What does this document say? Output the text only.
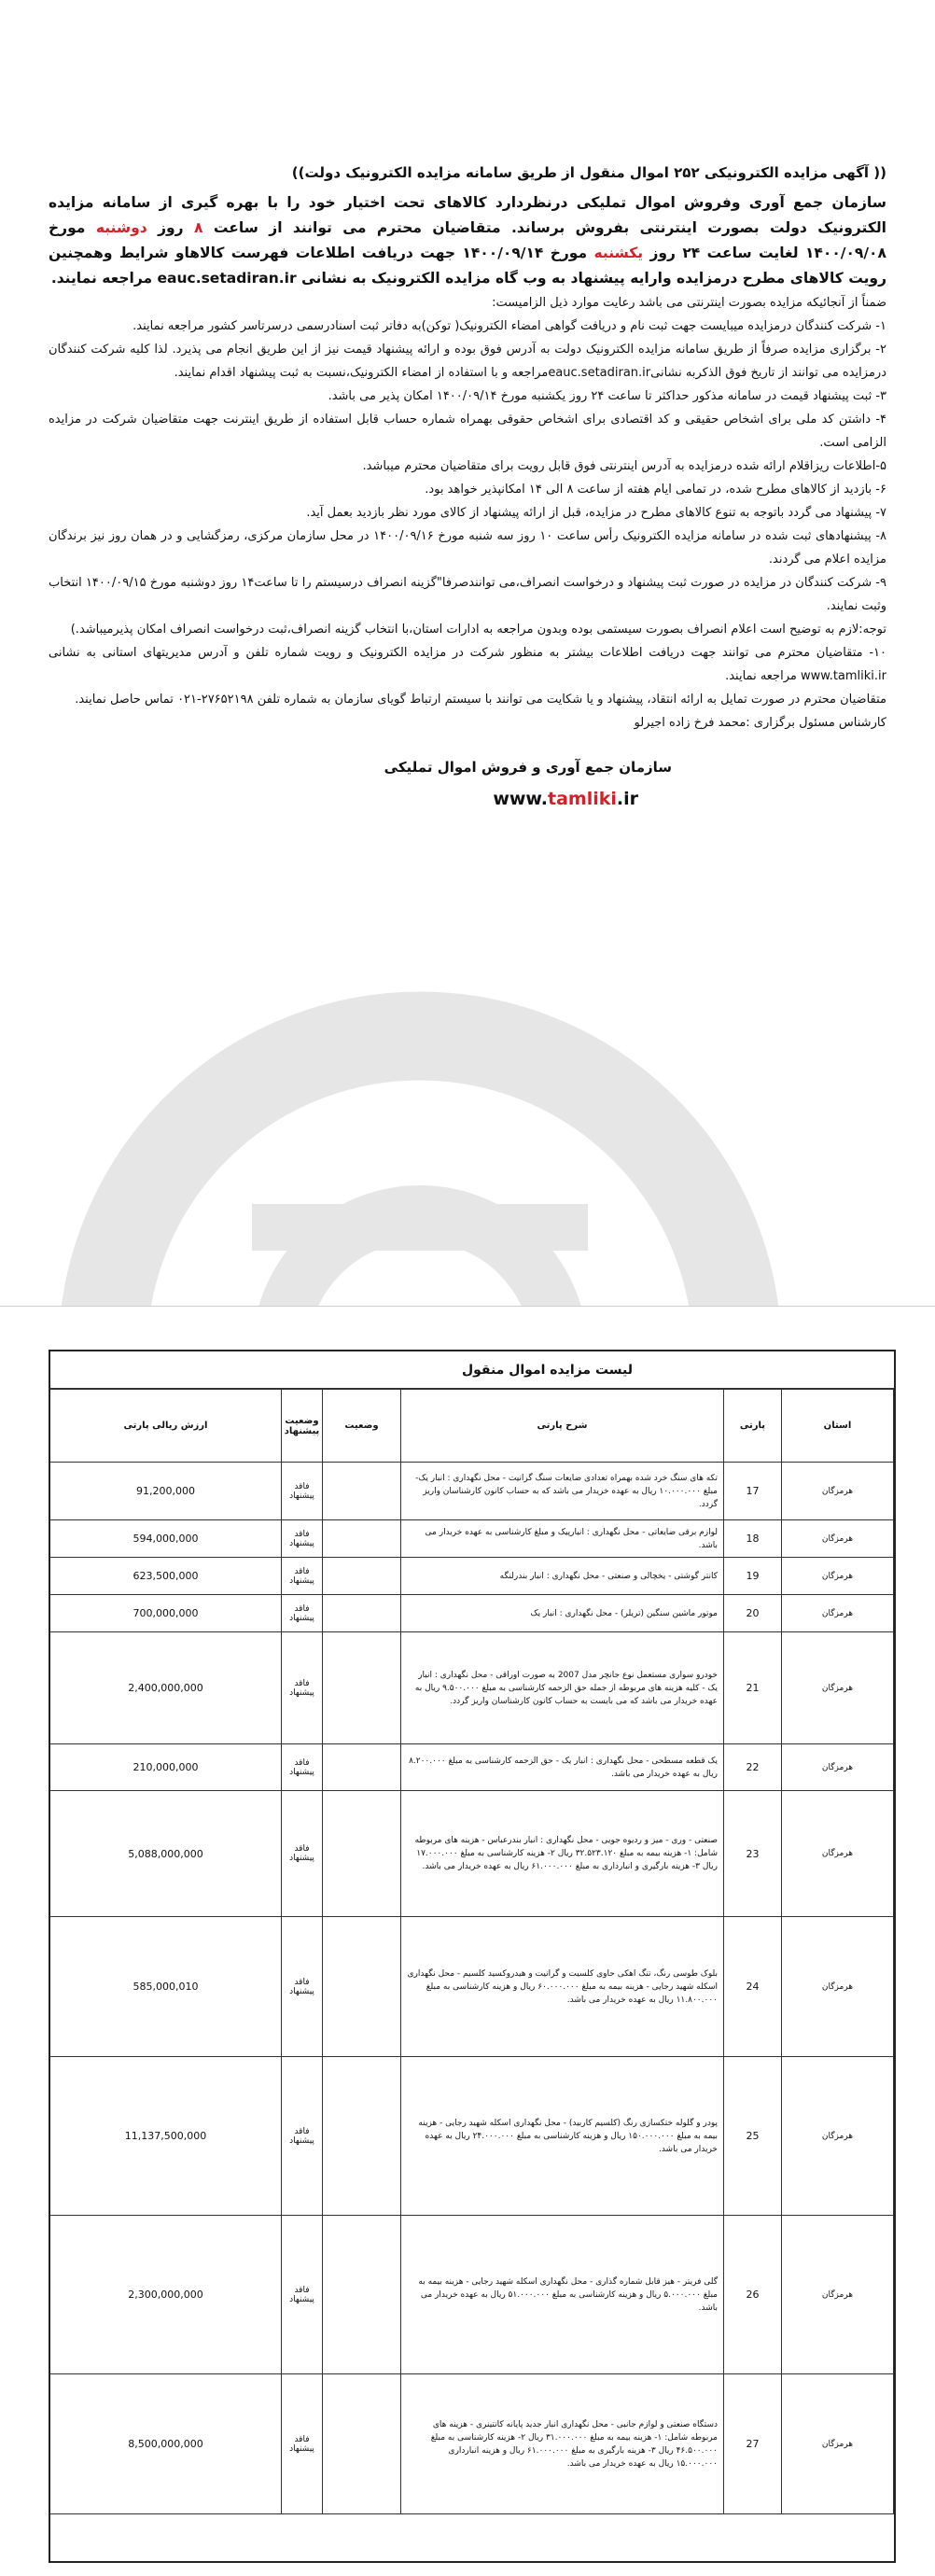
(( آگهی مزایده الکترونیکی ۲۵۲ اموال منقول از طریق سامانه مزایده الکترونیک دولت))
سازمان جمع آوری وفروش اموال تملیکی درنظردارد کالاهای تحت اختیار خود را با بهره گیری از سامانه مزایده الکترونیک دولت بصورت اینترنتی بفروش برساند. متقاضیان محترم می توانند از ساعت ۸ روز دوشنبه مورخ ۱۴۰۰/۰۹/۰۸ لغایت ساعت ۲۴ روز یکشنبه مورخ ۱۴۰۰/۰۹/۱۴ جهت دریافت اطلاعات فهرست کالاهاو شرایط وهمچنین رویت کالاهای مطرح درمزایده وارایه پیشنهاد به وب گاه مزایده الکترونیک به نشانی eauc.setadiran.ir مراجعه نمایند.
ضمناً از آنجائیکه مزایده بصورت اینترنتی می باشد رعایت موارد ذیل الزامیست:
۱- شرکت کنندگان درمزایده میبایست جهت ثبت نام و دریافت گواهی امضاء الکترونیک( توکن)به دفاتر ثبت اسنادرسمی درسرتاسر کشور مراجعه نمایند.
۲- برگزاری مزایده صرفاً از طریق سامانه مزایده الکترونیک دولت به آدرس فوق بوده و ارائه پیشنهاد قیمت نیز از این طریق انجام می پذیرد. لذا کلیه شرکت کنندگان درمزایده می توانند از تاریخ فوق الذکربه نشانیeauc.setadiran.irمراجعه و با استفاده از امضاء الکترونیک،نسبت به ثبت پیشنهاد اقدام نمایند.
۳- ثبت پیشنهاد قیمت در سامانه مذکور حداکثر تا ساعت ۲۴ روز یکشنبه مورخ ۱۴۰۰/۰۹/۱۴ امکان پذیر می باشد.
۴- داشتن کد ملی برای اشخاص حقیقی و کد اقتصادی برای اشخاص حقوقی بهمراه شماره حساب قابل استفاده از طریق اینترنت جهت متقاضیان شرکت در مزایده الزامی است.
۵-اطلاعات ریزاقلام ارائه شده درمزایده به آدرس اینترنتی فوق قابل رویت برای متقاضیان محترم میباشد.
۶- بازدید از کالاهای مطرح شده، در تمامی ایام هفته از ساعت ۸ الی ۱۴ امکانپذیر خواهد بود.
۷- پیشنهاد می گردد باتوجه به تنوع کالاهای مطرح در مزایده، قبل از ارائه پیشنهاد از کالای مورد نظر بازدید بعمل آید.
۸- پیشنهادهای ثبت شده در سامانه مزایده الکترونیک رأس ساعت ۱۰ روز سه شنبه مورخ ۱۴۰۰/۰۹/۱۶ در محل سازمان مرکزی، رمزگشایی و در همان روز نیز برندگان مزایده اعلام می گردند.
۹- شرکت کنندگان در مزایده در صورت ثبت پیشنهاد و درخواست انصراف،می توانندصرفا"گزینه انصراف درسیستم را تا ساعت۱۴ روز دوشنبه مورخ ۱۴۰۰/۰۹/۱۵ انتخاب وثبت نمایند.
توجه:لازم به توضیح است اعلام انصراف بصورت سیستمی بوده وبدون مراجعه به ادارات استان،با انتخاب گزینه انصراف،ثبت درخواست انصراف امکان پذیرمیباشد.)
۱۰- متقاضیان محترم می توانند جهت دریافت اطلاعات بیشتر به منظور شرکت در مزایده الکترونیک و رویت شماره تلفن و آدرس مدیریتهای استانی به نشانی www.tamliki.ir مراجعه نمایند.
متقاضیان محترم در صورت تمایل به ارائه انتقاد، پیشنهاد و یا شکایت می توانند با سیستم ارتباط گویای سازمان به شماره تلفن ۲۷۶۵۲۱۹۸-۰۲۱ تماس حاصل نمایند.
کارشناس مسئول برگزاری :محمد فرخ زاده اجیرلو
سازمان جمع آوری و فروش اموال تملیکی
www.tamliki.ir
لیست مزایده اموال منقول
استان	پارتی	شرح پارتی	وضعیت	وضعیت پیشنهاد	ارزش ریالی پارتی
هرمزگان	17	تکه های سنگ خرد شده بهمراه تعدادی ضایعات سنگ گرانیت - محل نگهداری : انبار یک- مبلغ ۱۰.۰۰۰.۰۰۰ ریال به عهده خریدار می باشد که به حساب کانون کارشناسان واریز گردد.		فاقد پیشنهاد	91,200,000
هرمزگان	18	لوازم برقی ضایعاتی - محل نگهداری : انبارپیک و مبلغ کارشناسی به عهده خریدار می باشد.		فاقد پیشنهاد	594,000,000
هرمزگان	19	کانتر گوشتی - یخچالی و صنعتی - محل نگهداری : انبار بندرلنگه		فاقد پیشنهاد	623,500,000
هرمزگان	20	موتور ماشین سنگین (تریلر) - محل نگهداری : انبار یک		فاقد پیشنهاد	700,000,000
هرمزگان	21	خودرو سواری مستعمل نوع جانچر مدل 2007 به صورت اوراقی - محل نگهداری : انبار یک - کلیه هزینه های مربوطه از جمله حق الزحمه کارشناسی به مبلغ ۹.۵۰۰.۰۰۰ ریال به عهده خریدار می باشد که می بایست به حساب کانون کارشناسان واریز گردد.		فاقد پیشنهاد	2,400,000,000
هرمزگان	22	یک قطعه مسطحی - محل نگهداری : انبار یک - حق الزحمه کارشناسی به مبلغ ۸.۲۰۰.۰۰۰ ریال به عهده خریدار می باشد.		فاقد پیشنهاد	210,000,000
هرمزگان	23	صنعتی - وری - میز و ردیوه جویی - محل نگهداری : انبار بندرعباس - هزینه های مربوطه شامل: ۱- هزینه بیمه به مبلغ ۳۲.۵۲۳.۱۲۰ ریال ۲- هزینه کارشناسی به مبلغ ۱۷.۰۰۰.۰۰۰ ریال ۳- هزینه بارگیری و انبارداری به مبلغ ۶۱.۰۰۰.۰۰۰ ریال به عهده خریدار می باشد.		فاقد پیشنهاد	5,088,000,000
هرمزگان	24	بلوک طوسی رنگ، تنگ اهکی حاوی کلسیت و گرانیت و هیدروکسید کلسیم - محل نگهداری اسکله شهید رجایی - هزینه بیمه به مبلغ ۶۰.۰۰۰.۰۰۰ ریال و هزینه کارشناسی به مبلغ ۱۱.۸۰۰.۰۰۰ ریال به عهده خریدار می باشد.		فاقد پیشنهاد	585,000,010
هرمزگان	25	پودر و گلوله ختکسازی رنگ (کلسیم کاربید) - محل نگهداری اسکله شهید رجایی - هزینه بیمه به مبلغ ۱۵۰.۰۰۰.۰۰۰ ریال و هزینه کارشناسی به مبلغ ۲۴.۰۰۰.۰۰۰ ریال به عهده خریدار می باشد.		فاقد پیشنهاد	11,137,500,000
هرمزگان	26	گلی فریتر - هیز قابل شماره گذاری - محل نگهداری اسکله شهید رجایی - هزینه بیمه به مبلغ ۵.۰۰۰.۰۰۰ ریال و هزینه کارشناسی به مبلغ ۵۱.۰۰۰.۰۰۰ ریال به عهده خریدار می باشد.		فاقد پیشنهاد	2,300,000,000
هرمزگان	27	دستگاه صنعتی و لوازم جانبی - محل نگهداری انبار جدید پایانه کانتینری - هزینه های مربوطه شامل: ۱- هزینه بیمه به مبلغ ۳۱.۰۰۰.۰۰۰ ریال ۲- هزینه کارشناسی به مبلغ ۴۶.۵۰۰.۰۰۰ ریال ۳- هزینه بارگیری به مبلغ ۶۱.۰۰۰.۰۰۰ ریال و هزینه انبارداری ۱۵.۰۰۰.۰۰۰ ریال به عهده خریدار می باشد.		فاقد پیشنهاد	8,500,000,000
